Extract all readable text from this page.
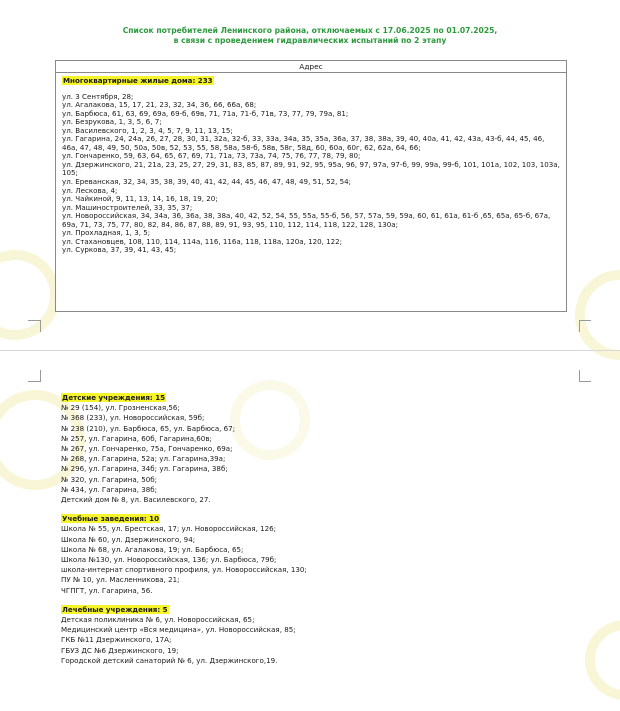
Список потребителей Ленинского района, отключаемых с 17.06.2025 по 01.07.2025,
в связи с проведением гидравлических испытаний по 2 этапу
Адрес
Многоквартирные жилые дома: 233
ул. 3 Сентября, 28;
ул. Агалакова, 15, 17, 21, 23, 32, 34, 36, 66, 66а, 68;
ул. Барбюса, 61, 63, 69, 69а, 69-б, 69в, 71, 71а, 71-б, 71в, 73, 77, 79, 79а, 81;
ул. Безрукова, 1, 3, 5, 6, 7;
ул. Василевского, 1, 2, 3, 4, 5, 7, 9, 11, 13, 15;
ул. Гагарина, 24, 24а, 26, 27, 28, 30, 31, 32а, 32-б, 33, 33а, 34а, 35, 35а, 36а, 37, 38, 38а, 39, 40, 40а, 41, 42, 43а, 43-б, 44, 45, 46, 46а, 47, 48, 49, 50, 50а, 50в, 52, 53, 55, 58, 58а, 58-б, 58в, 58г, 58д, 60, 60а, 60г, 62, 62а, 64, 66;
ул. Гончаренко, 59, 63, 64, 65, 67, 69, 71, 71а, 73, 73а, 74, 75, 76, 77, 78, 79, 80;
ул. Дзержинского, 21, 21а, 23, 25, 27, 29, 31, 83, 85, 87, 89, 91, 92, 95, 95а, 96, 97, 97а, 97-б, 99, 99а, 99-б, 101, 101а, 102, 103, 103а, 105;
ул. Ереванская, 32, 34, 35, 38, 39, 40, 41, 42, 44, 45, 46, 47, 48, 49, 51, 52, 54;
ул. Лескова, 4;
ул. Чайкиной, 9, 11, 13, 14, 16, 18, 19, 20;
ул. Машиностроителей, 33, 35, 37;
ул. Новороссийская, 34, 34а, 36, 36а, 38, 38а, 40, 42, 52, 54, 55, 55а, 55-б, 56, 57, 57а, 59, 59а, 60, 61, 61а, 61-б ,65, 65а, 65-б, 67а, 69а, 71, 73, 75, 77, 80, 82, 84, 86, 87, 88, 89, 91, 93, 95, 110, 112, 114, 118, 122, 128, 130а;
ул. Прохладная, 1, 3, 5;
ул. Стахановцев, 108, 110, 114, 114а, 116, 116а, 118, 118а, 120а, 120, 122;
ул. Суркова, 37, 39, 41, 43, 45;
Детские учреждения: 15
№ 29 (154), ул. Грозненская,56;
№ 368 (233), ул. Новороссийская, 59б;
№ 238 (210), ул. Барбюса, 65, ул. Барбюса, 67;
№ 257, ул. Гагарина, 60б, Гагарина,60в;
№ 267, ул. Гончаренко, 75а, Гончаренко, 69а;
№ 268, ул. Гагарина, 52а; ул. Гагарина,39а;
№ 296, ул. Гагарина, 34б; ул. Гагарина, 38б;
№ 320, ул. Гагарина, 50б;
№ 434, ул. Гагарина, 38б;
Детский дом № 8, ул. Василевского, 27.
Учебные заведения: 10
Школа № 55, ул. Брестская, 17; ул. Новороссийская, 126;
Школа № 60, ул. Дзержинского, 94;
Школа № 68, ул. Агалакова, 19; ул. Барбюса, 65;
Школа №130, ул. Новороссийская, 136; ул. Барбюса, 79б;
школа-интернат спортивного профиля, ул. Новороссийская, 130;
ПУ № 10, ул. Масленникова, 21;
ЧГПГТ, ул. Гагарина, 56.
Лечебные учреждения: 5
Детская поликлиника № 6, ул. Новороссийская, 65;
Медицинский центр «Вся медицина», ул. Новороссийская, 85;
ГКБ №11 Дзержинского, 17А;
ГБУЗ ДС №6 Дзержинского, 19;
Городской детский санаторий № 6, ул. Дзержинского,19.
